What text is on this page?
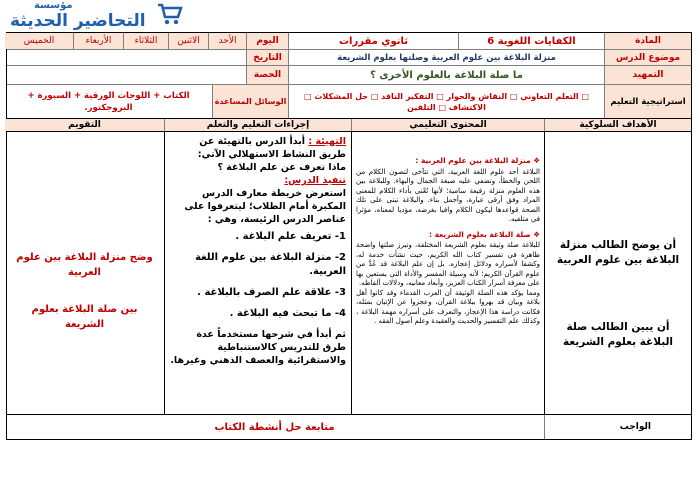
مؤسسة
التحاضير الحديثة
المادة
الكفايات اللغوية 6
ثانوي مقررات
اليوم
الأحد
الاثنين
الثلاثاء
الأربعاء
الخميس
موضوع الدرس
منزلة البلاغة بين علوم العربية وصلتها بعلوم الشريعة
التاريخ
التمهيد
ما صلة البلاغة بالعلوم الأخرى ؟
الحصة
استراتيجية التعليم
□ التعلم التعاوني □ النقاش والحوار □ التفكير الناقد □ حل المشكلات □ الاكتشاف □ التلقين
الوسائل المساعدة
الكتاب + اللوحات الورقية + السبورة + البروجكتور.
الأهداف السلوكية
المحتوى التعليمي
إجراءات التعليم والتعلم
التقويم
أن يوضح الطالب منزلة البلاغة بين علوم العربية
أن يبين الطالب صلة البلاغة بعلوم الشريعة

❖ منزلة البلاغة بين علوم العربية :

البلاغة أحد علوم اللغة العربية، التي تتآخى لتصون الكلام من اللحن والخطأ، وتضفي عليه صبغة الجمال والبهاء. وللبلاغة بين هذه العلوم منزلة رفيعة سامية؛ لأنها تُعْنى بأداء الكلام للمعنى المراد وفق أرقى عبارة، وأجمل بناء. والبلاغة تبنى على تلك الصحة قواعدها ليكون الكلام وافيا بغرضه، مؤديا لمعناه، مؤثرا في متلقيه.

❖ صلة البلاغة بعلوم الشريعة :

للبلاغة صلة وثيقة بعلوم الشريعة المختلفة، وتبرز صلتها واضحة ظاهرة في تفسير كتاب الله الكريم، حيث نشأت خدمة له، وكشفا لأسراره ودلائل إعجازه. بل إن علم البلاغة قد عُدَّ من علوم القرآن الكريم؛ لأنه وسيلة المفسر والأداة التي يستعين بها على معرفة أسرار الكتاب العزيز، وأبعاد معانيه، ودلالات ألفاظه.

ومما يؤكد هذه الصلة الوثيقة أن العرب القدماء وقد كانوا أهل بلاغة وبيان قد بهروا ببلاغة القرآن، وعجزوا عن الإتيان بمثله، فكانت دراسة هذا الإعجاز، والتعرف على أسراره مهمة البلاغة ، وكذلك علم التفسير والحديث والعقيدة وعلم أصول الفقه .

التهيئة : أبدأ الدرس بالتهيئة عن طريق النشاط الاستهلالي الآتي:
ماذا تعرف عن علم البلاغة ؟
تنفيذ الدرس:
استعرض خريطة معارف الدرس المكبرة أمام الطلاب؛ ليتعرفوا على عناصر الدرس الرئيسة، وهي :
1- تعريف علم البلاغة .
2- منزلة البلاغة بين علوم اللغة العربية.
3- علاقة علم الصرف بالبلاغة .
4- ما تبحث فيه البلاغة .
ثم أبدأ في شرحها مستخدماً عدة طرق للتدريس كالاستنباطية والاستقرائية والعصف الذهني وغيرها.
وضح منزلة البلاغة بين علوم العربية
بين صلة البلاغة بعلوم الشريعة
الواجب
متابعة حل أنشطة الكتاب
